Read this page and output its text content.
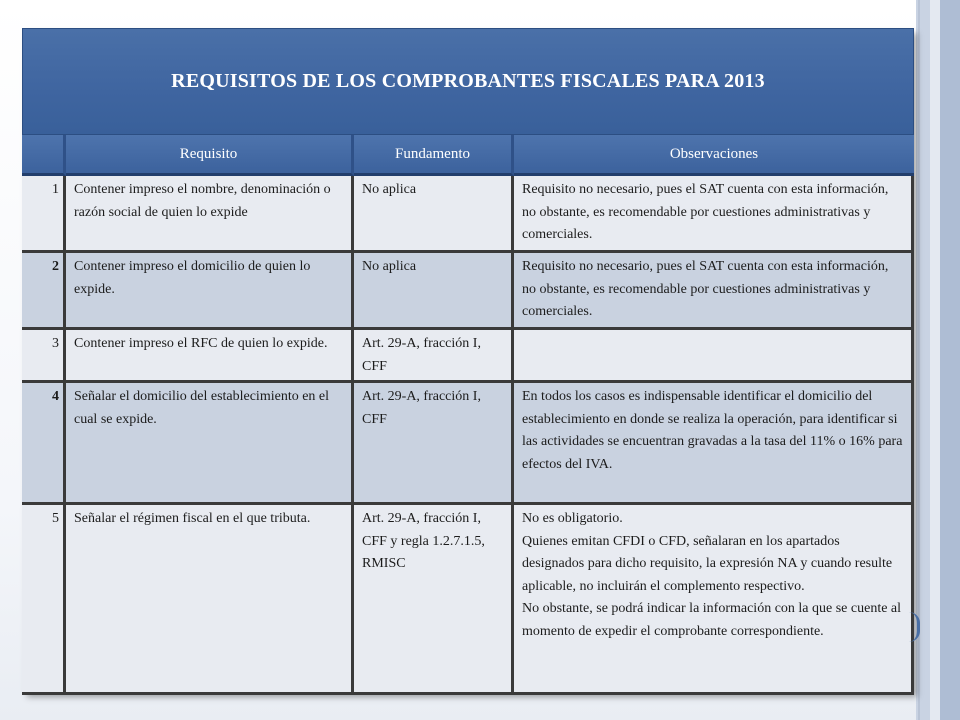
REQUISITOS DE LOS COMPROBANTES FISCALES PARA 2013
	Requisito	Fundamento	Observaciones
1	Contener impreso el nombre, denominación o razón social de quien lo expide	No aplica	Requisito no necesario, pues el SAT cuenta con esta información, no obstante, es recomendable por cuestiones administrativas y comerciales.

2	Contener impreso el domicilio de quien lo expide.	No aplica	Requisito no necesario, pues el SAT cuenta con esta información, no obstante, es recomendable por cuestiones administrativas y comerciales.

3	Contener impreso el RFC de quien lo expide.	Art. 29-A, fracción I, CFF	

4	Señalar el domicilio del establecimiento en el cual se expide.	Art. 29-A, fracción I, CFF	En todos los casos es indispensable identificar el domicilio del establecimiento en donde se realiza la operación, para identificar si las actividades se encuentran gravadas a la tasa del 11% o 16% para efectos del IVA.

5	Señalar el régimen fiscal en el que tributa.	Art. 29-A, fracción I, CFF y regla 1.2.7.1.5, RMISC	No es obligatorio.
Quienes emitan CFDI o CFD, señalaran en los apartados designados para dicho requisito, la expresión NA y cuando resulte aplicable, no incluirán el complemento respectivo.
No obstante, se podrá indicar la información con la que se cuente al momento de expedir el comprobante correspondiente.
